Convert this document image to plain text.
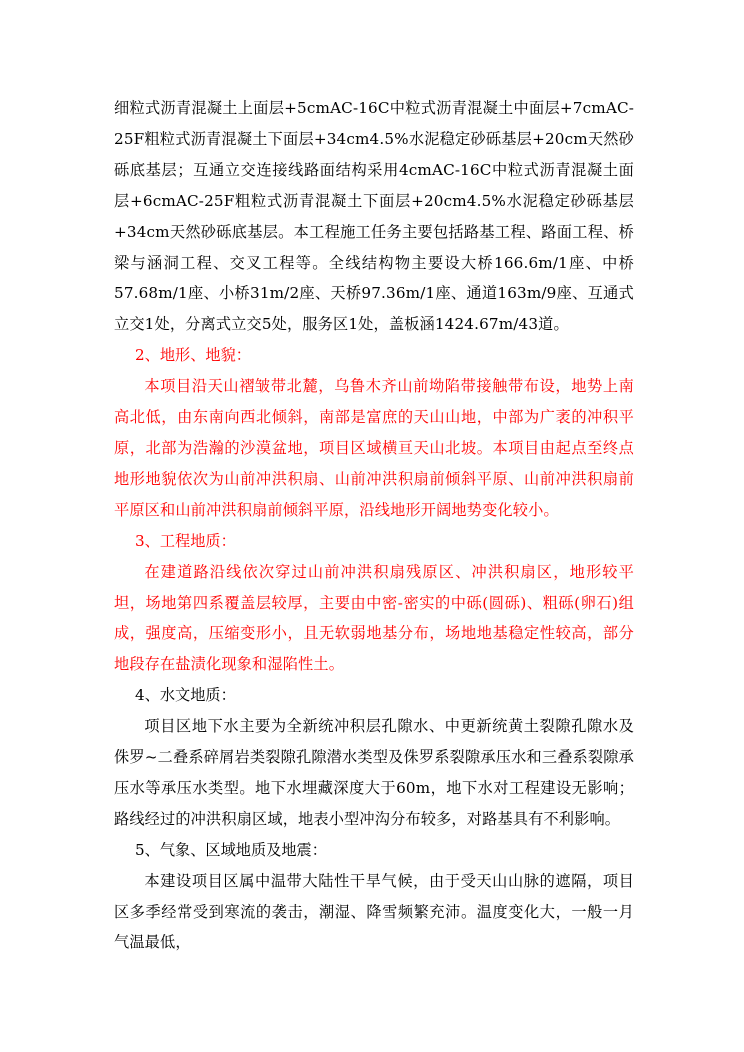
细粒式沥青混凝土上面层+5cmAC-16C中粒式沥青混凝土中面层+7cmAC-25F粗粒式沥青混凝土下面层+34cm4.5%水泥稳定砂砾基层+20cm天然砂砾底基层；互通立交连接线路面结构采用4cmAC-16C中粒式沥青混凝土面层+6cmAC-25F粗粒式沥青混凝土下面层+20cm4.5%水泥稳定砂砾基层+34cm天然砂砾底基层。本工程施工任务主要包括路基工程、路面工程、桥梁与涵洞工程、交叉工程等。全线结构物主要设大桥166.6m/1座、中桥57.68m/1座、小桥31m/2座、天桥97.36m/1座、通道163m/9座、互通式立交1处，分离式立交5处，服务区1处，盖板涵1424.67m/43道。

2、地形、地貌：

本项目沿天山褶皱带北麓，乌鲁木齐山前坳陷带接触带布设，地势上南高北低，由东南向西北倾斜，南部是富庶的天山山地，中部为广袤的冲积平原，北部为浩瀚的沙漠盆地，项目区域横亘天山北坡。本项目由起点至终点地形地貌依次为山前冲洪积扇、山前冲洪积扇前倾斜平原、山前冲洪积扇前平原区和山前冲洪积扇前倾斜平原，沿线地形开阔地势变化较小。

3、工程地质：

在建道路沿线依次穿过山前冲洪积扇残原区、冲洪积扇区，地形较平坦，场地第四系覆盖层较厚，主要由中密-密实的中砾(圆砾)、粗砾(卵石)组成，强度高，压缩变形小，且无软弱地基分布，场地地基稳定性较高，部分地段存在盐渍化现象和湿陷性土。

4、水文地质：

项目区地下水主要为全新统冲积层孔隙水、中更新统黄土裂隙孔隙水及侏罗~二叠系碎屑岩类裂隙孔隙潜水类型及侏罗系裂隙承压水和三叠系裂隙承压水等承压水类型。地下水埋藏深度大于60m，地下水对工程建设无影响；路线经过的冲洪积扇区域，地表小型冲沟分布较多，对路基具有不利影响。

5、气象、区域地质及地震：

本建设项目区属中温带大陆性干旱气候，由于受天山山脉的遮隔，项目区多季经常受到寒流的袭击，潮湿、降雪频繁充沛。温度变化大，一般一月气温最低，
